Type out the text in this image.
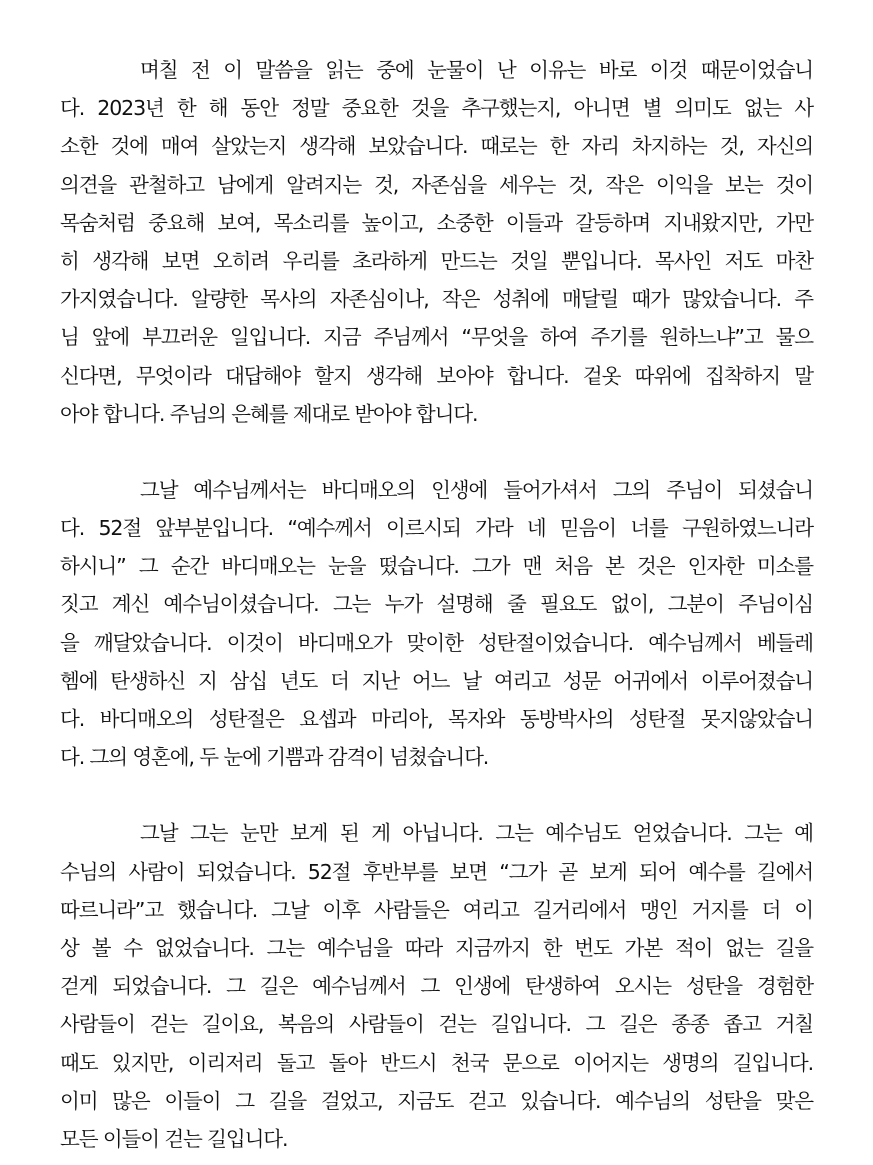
며칠 전 이 말씀을 읽는 중에 눈물이 난 이유는 바로 이것 때문이었습니
다. 2023년 한 해 동안 정말 중요한 것을 추구했는지, 아니면 별 의미도 없는 사
소한 것에 매여 살았는지 생각해 보았습니다. 때로는 한 자리 차지하는 것, 자신의
의견을 관철하고 남에게 알려지는 것, 자존심을 세우는 것, 작은 이익을 보는 것이
목숨처럼 중요해 보여, 목소리를 높이고, 소중한 이들과 갈등하며 지내왔지만, 가만
히 생각해 보면 오히려 우리를 초라하게 만드는 것일 뿐입니다. 목사인 저도 마찬
가지였습니다. 알량한 목사의 자존심이나, 작은 성취에 매달릴 때가 많았습니다. 주
님 앞에 부끄러운 일입니다. 지금 주님께서 “무엇을 하여 주기를 원하느냐”고 물으
신다면, 무엇이라 대답해야 할지 생각해 보아야 합니다. 겉옷 따위에 집착하지 말
아야 합니다. 주님의 은혜를 제대로 받아야 합니다.
그날 예수님께서는 바디매오의 인생에 들어가셔서 그의 주님이 되셨습니
다. 52절 앞부분입니다. “예수께서 이르시되 가라 네 믿음이 너를 구원하였느니라
하시니” 그 순간 바디매오는 눈을 떴습니다. 그가 맨 처음 본 것은 인자한 미소를
짓고 계신 예수님이셨습니다. 그는 누가 설명해 줄 필요도 없이, 그분이 주님이심
을 깨달았습니다. 이것이 바디매오가 맞이한 성탄절이었습니다. 예수님께서 베들레
헴에 탄생하신 지 삼십 년도 더 지난 어느 날 여리고 성문 어귀에서 이루어졌습니
다. 바디매오의 성탄절은 요셉과 마리아, 목자와 동방박사의 성탄절 못지않았습니
다. 그의 영혼에, 두 눈에 기쁨과 감격이 넘쳤습니다.
그날 그는 눈만 보게 된 게 아닙니다. 그는 예수님도 얻었습니다. 그는 예
수님의 사람이 되었습니다. 52절 후반부를 보면 “그가 곧 보게 되어 예수를 길에서
따르니라”고 했습니다. 그날 이후 사람들은 여리고 길거리에서 맹인 거지를 더 이
상 볼 수 없었습니다. 그는 예수님을 따라 지금까지 한 번도 가본 적이 없는 길을
걷게 되었습니다. 그 길은 예수님께서 그 인생에 탄생하여 오시는 성탄을 경험한
사람들이 걷는 길이요, 복음의 사람들이 걷는 길입니다. 그 길은 종종 좁고 거칠
때도 있지만, 이리저리 돌고 돌아 반드시 천국 문으로 이어지는 생명의 길입니다.
이미 많은 이들이 그 길을 걸었고, 지금도 걷고 있습니다. 예수님의 성탄을 맞은
모든 이들이 걷는 길입니다.
